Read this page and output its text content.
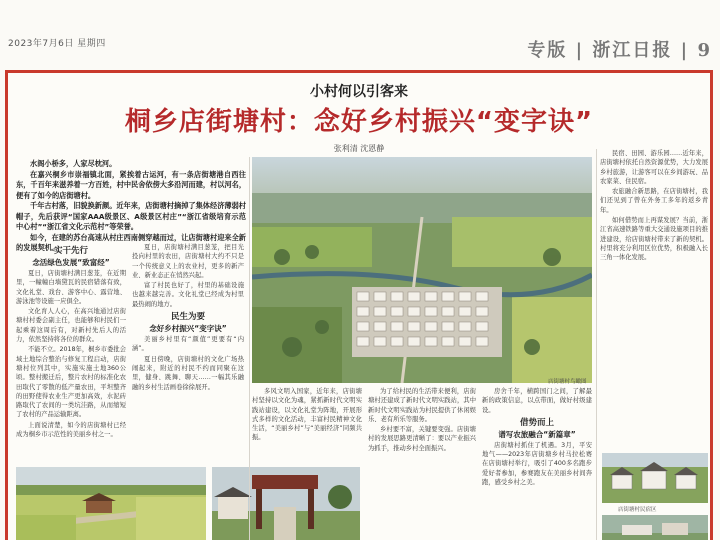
2023年7月6日 星期四	专版 | 浙江日报 | 9
小村何以引客来
桐乡店街塘村：念好乡村振兴“变字诀”
张利清 沈恩静

水阁小桥多，人家尽枕河。

在嘉兴桐乡市崇福镇北面，紧挨着古运河，有一条店街塘港自西往东，千百年来滋养着一方百姓，村中民舍依傍大多沿河而建，村以河名，便有了如今的店街塘村。

千年古村落，旧貌换新颜。近年来，店街塘村摘掉了集体经济薄弱村帽子，先后获评“国家AAA级景区、A级景区村庄”“浙江省级培育示范中心村”“浙江省文化示范村”等荣誉。

如今，在建的苏台高速从村庄西南侧穿越而过，让店街塘村迎来全新的发展契机。

实干先行
念活绿色发展“致富经”

夏日，店街塘村满目葱茏，在近期里，一幢幢白墙黛瓦的民宿错落有致，文化礼堂、戏台、游客中心、露营地、游泳池等设施一应俱全。

文化育人人心，在高兴地通过店街塘村村委会副主任，也能够和村民们一起乘着这周后有，对新村先后人的活力，依然坚持将各位的群众。

不能不立。2018年，桐乡市委批会域土地综合整治与修复工程启动，店街塘村位列其中，实施实施土地360公顷。整村搬迁后，整片农村的标准化农田取代了零散的低产量农田，平坦整齐的田野使得农业生产更加高效，水泥砖路取代了农间的一类坑洼路，从而缩短了农村的产品运输距离。

上面说清楚，如今的店街塘村已经成为桐乡市示范性的美丽乡村之一。

夏日，店街塘村满目葱茏，把目光投向村里的农田，店街塘村大约不只是一个传统意义上的农业村，更多的新产业、新业态正在悄然兴起。

富了村民也好了，村里的基础设施也越来越完善。文化礼堂已经成为村里最热闹的地方。

民生为要
念好乡村振兴“变字诀”

美丽乡村里有“颜值”更要有“内涵”。

夏日傍晚，店街塘村的文化广场热闹起来，附近的村民不约而同聚在这里，健身、跳舞、聊天……一幅其乐融融的乡村生活画卷徐徐展开。

店街塘村鸟瞰图

多风文明入国家，近年来，店街塘村坚持以文化为魂，紧抓新时代文明实践站建设，以文化礼堂为阵地，开展形式多样的文化活动，丰富村民精神文化生活，“美丽乡村”与“美丽经济”同频共振。

为了给村民的生活带来便利，店街塘村还建成了新时代文明实践站，其中新时代文明实践站为村民提供了休闲娱乐、老有所乐等服务。

乡村要不富，关键要变强。店街塘村的发展思路更清晰了：要以产业振兴为抓手，推动乡村全面振兴。

房舍千年，横跨国门之间，了解最新的政策信息，以点带面，做好村级建设。

借势而上
谱写农旅融合“新篇章”

店街塘村抓住了机遇。3月，平安地气——2023年店街塘乡村马拉松赛在店街塘村举行，吸引了400多名跑步爱好者参加，参赛跑友在美丽乡村间奔跑，感受乡村之美。

民宿、田园、游乐园……近年来，店街塘村依托自然资源优势，大力发展乡村旅游，让游客可以在乡间游玩、品农家菜、住民宿。

农旅融合新思路，在店街塘村，我们还见到了曾在外务工多年的返乡青年。

如何借势而上再谋发展？当前，浙江省高速铁路等重大交通设施项目的推进建设，给店街塘村带来了新的契机。村里将充分利用区位优势，积极融入长三角一体化发展。

店街塘村民宿区
